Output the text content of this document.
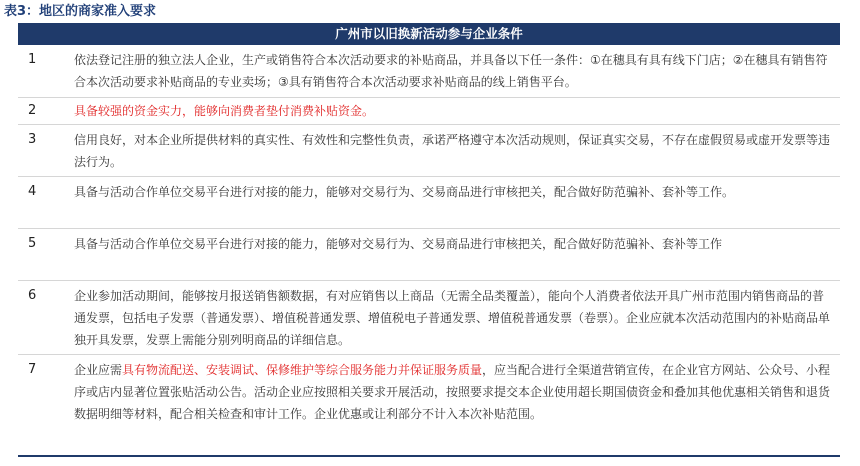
表3：地区的商家准入要求
广州市以旧换新活动参与企业条件
1	依法登记注册的独立法人企业，生产或销售符合本次活动要求的补贴商品，并具备以下任一条件：①在穗具有具有线下门店；②在穗具有销售符合本次活动要求补贴商品的专业卖场；③具有销售符合本次活动要求补贴商品的线上销售平台。
2	具备较强的资金实力，能够向消费者垫付消费补贴资金。
3	信用良好，对本企业所提供材料的真实性、有效性和完整性负责，承诺严格遵守本次活动规则，保证真实交易，不存在虚假贸易或虚开发票等违法行为。
4	具备与活动合作单位交易平台进行对接的能力，能够对交易行为、交易商品进行审核把关，配合做好防范骗补、套补等工作。
5	具备与活动合作单位交易平台进行对接的能力，能够对交易行为、交易商品进行审核把关，配合做好防范骗补、套补等工作
6	企业参加活动期间，能够按月报送销售额数据，有对应销售以上商品（无需全品类覆盖），能向个人消费者依法开具广州市范围内销售商品的普通发票，包括电子发票（普通发票）、增值税普通发票、增值税电子普通发票、增值税普通发票（卷票）。企业应就本次活动范围内的补贴商品单独开具发票，发票上需能分别列明商品的详细信息。
7	企业应需具有物流配送、安装调试、保修维护等综合服务能力并保证服务质量，应当配合进行全渠道营销宣传，在企业官方网站、公众号、小程序或店内显著位置张贴活动公告。活动企业应按照相关要求开展活动，按照要求提交本企业使用超长期国债资金和叠加其他优惠相关销售和退货数据明细等材料，配合相关检查和审计工作。企业优惠或让利部分不计入本次补贴范围。
